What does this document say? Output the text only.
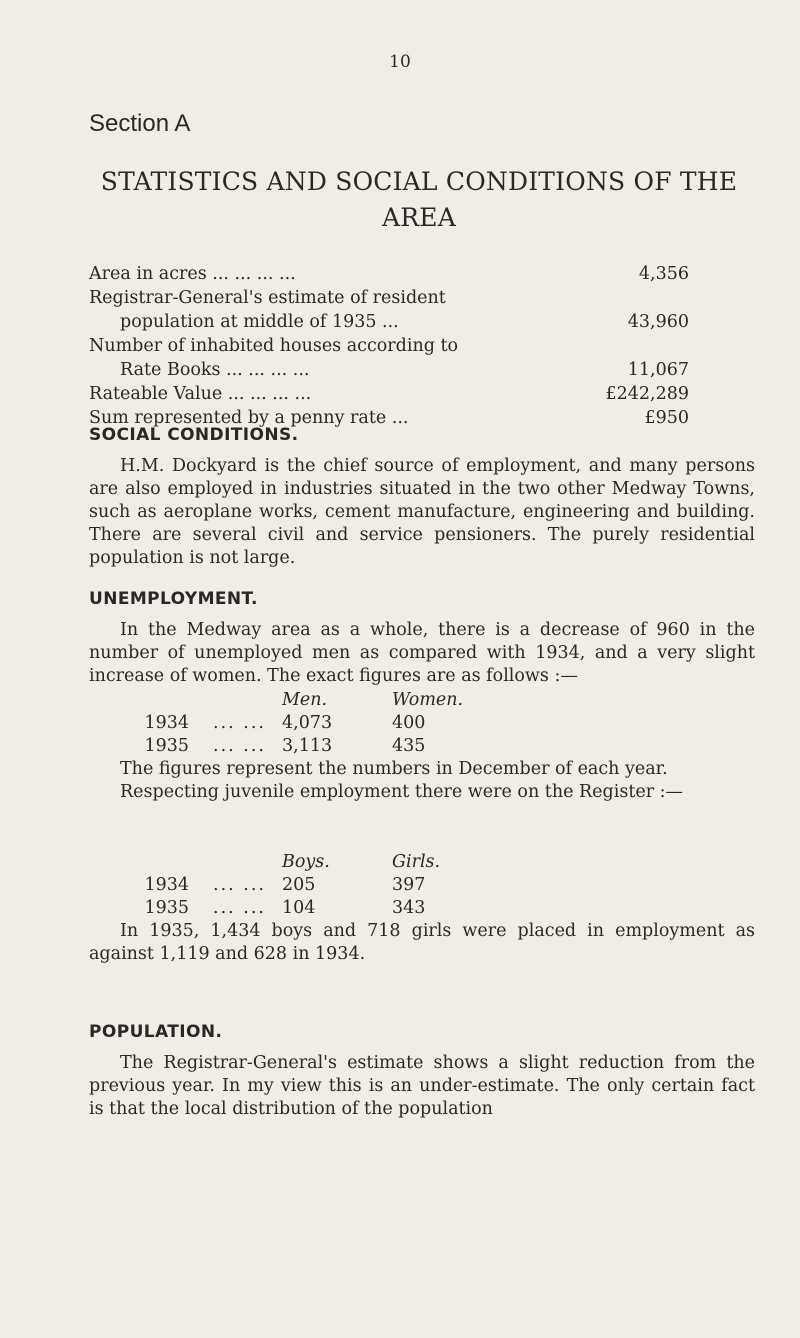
10
Section A
STATISTICS AND SOCIAL CONDITIONS OF THE AREA
Area in acres ... ... ... ...	4,356
Registrar-General's estimate of resident
population at middle of 1935 ...	43,960
Number of inhabited houses according to
Rate Books ... ... ... ...	11,067
Rateable Value ... ... ... ...	£242,289
Sum represented by a penny rate ...	£950
SOCIAL CONDITIONS.

H.M. Dockyard is the chief source of employment, and many persons are also employed in industries situated in the two other Medway Towns, such as aeroplane works, cement manufacture, engineering and building. There are several civil and service pensioners. The purely residential population is not large.

UNEMPLOYMENT.

In the Medway area as a whole, there is a decrease of 960 in the number of unemployed men as compared with 1934, and a very slight increase of women. The exact figures are as follows :—

		Men.	Women.
1934	... ...	4,073	400
1935	... ...	3,113	435

The figures represent the numbers in December of each year.

Respecting juvenile employment there were on the Register :—

		Boys.	Girls.
1934	... ...	205	397
1935	... ...	104	343

In 1935, 1,434 boys and 718 girls were placed in employment as against 1,119 and 628 in 1934.

POPULATION.

The Registrar-General's estimate shows a slight reduction from the previous year. In my view this is an under-estimate. The only certain fact is that the local distribution of the population
